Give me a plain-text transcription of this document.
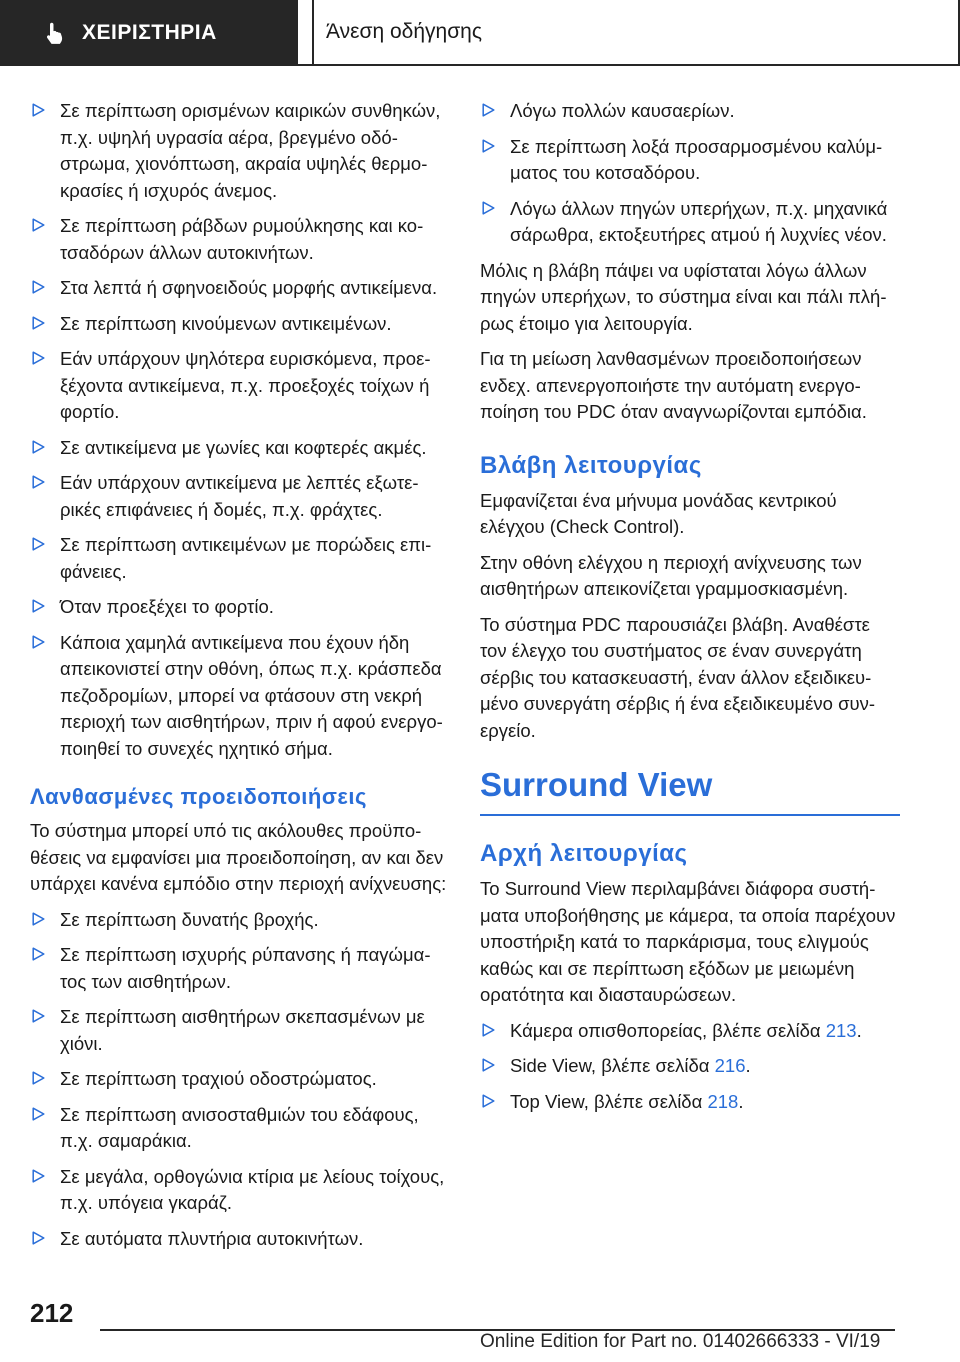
ΧΕΙΡΙΣΤΗΡΙΑ	Άνεση οδήγησης
Σε περίπτωση ορισμένων καιρικών συνθηκών, π.χ. υψηλή υγρασία αέρα, βρεγμένο οδόστρωμα, χιονόπτωση, ακραία υψηλές θερμοκρασίες ή ισχυρός άνεμος.
Σε περίπτωση ράβδων ρυμούλκησης και κοτσαδόρων άλλων αυτοκινήτων.
Στα λεπτά ή σφηνοειδούς μορφής αντικείμενα.
Σε περίπτωση κινούμενων αντικειμένων.
Εάν υπάρχουν ψηλότερα ευρισκόμενα, προεξέχοντα αντικείμενα, π.χ. προεξοχές τοίχων ή φορτίο.
Σε αντικείμενα με γωνίες και κοφτερές ακμές.
Εάν υπάρχουν αντικείμενα με λεπτές εξωτερικές επιφάνειες ή δομές, π.χ. φράχτες.
Σε περίπτωση αντικειμένων με πορώδεις επιφάνειες.
Όταν προεξέχει το φορτίο.
Κάποια χαμηλά αντικείμενα που έχουν ήδη απεικονιστεί στην οθόνη, όπως π.χ. κράσπεδα πεζοδρομίων, μπορεί να φτάσουν στη νεκρή περιοχή των αισθητήρων, πριν ή αφού ενεργοποιηθεί το συνεχές ηχητικό σήμα.
Λανθασμένες προειδοποιήσεις

Το σύστημα μπορεί υπό τις ακόλουθες προϋποθέσεις να εμφανίσει μια προειδοποίηση, αν και δεν υπάρχει κανένα εμπόδιο στην περιοχή ανίχνευσης:

Σε περίπτωση δυνατής βροχής.
Σε περίπτωση ισχυρής ρύπανσης ή παγώματος των αισθητήρων.
Σε περίπτωση αισθητήρων σκεπασμένων με χιόνι.
Σε περίπτωση τραχιού οδοστρώματος.
Σε περίπτωση ανισοσταθμιών του εδάφους, π.χ. σαμαράκια.
Σε μεγάλα, ορθογώνια κτίρια με λείους τοίχους, π.χ. υπόγεια γκαράζ.
Σε αυτόματα πλυντήρια αυτοκινήτων.
Λόγω πολλών καυσαερίων.
Σε περίπτωση λοξά προσαρμοσμένου καλύμματος του κοτσαδόρου.
Λόγω άλλων πηγών υπερήχων, π.χ. μηχανικά σάρωθρα, εκτοξευτήρες ατμού ή λυχνίες νέον.

Μόλις η βλάβη πάψει να υφίσταται λόγω άλλων πηγών υπερήχων, το σύστημα είναι και πάλι πλήρως έτοιμο για λειτουργία.

Για τη μείωση λανθασμένων προειδοποιήσεων ενδεχ. απενεργοποιήστε την αυτόματη ενεργοποίηση του PDC όταν αναγνωρίζονται εμπόδια.

Βλάβη λειτουργίας

Εμφανίζεται ένα μήνυμα μονάδας κεντρικού ελέγχου (Check Control).

Στην οθόνη ελέγχου η περιοχή ανίχνευσης των αισθητήρων απεικονίζεται γραμμοσκιασμένη.

Το σύστημα PDC παρουσιάζει βλάβη. Αναθέστε τον έλεγχο του συστήματος σε έναν συνεργάτη σέρβις του κατασκευαστή, έναν άλλον εξειδικευμένο συνεργάτη σέρβις ή ένα εξειδικευμένο συνεργείο.

Surround View
Αρχή λειτουργίας

Το Surround View περιλαμβάνει διάφορα συστήματα υποβοήθησης με κάμερα, τα οποία παρέχουν υποστήριξη κατά το παρκάρισμα, τους ελιγμούς καθώς και σε περίπτωση εξόδων με μειωμένη ορατότητα και διασταυρώσεων.

Κάμερα οπισθοπορείας, βλέπε σελίδα 213.
Side View, βλέπε σελίδα 216.
Top View, βλέπε σελίδα 218.
212
Online Edition for Part no. 01402666333 - VI/19
